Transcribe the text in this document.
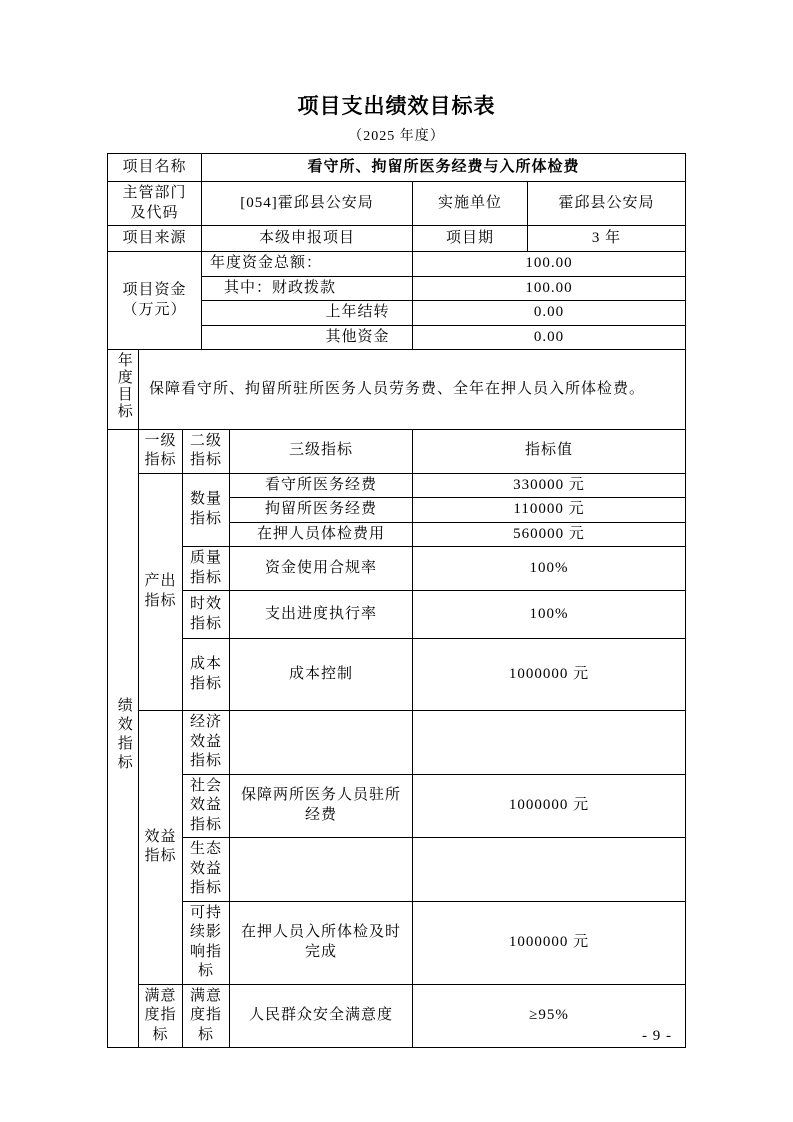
项目支出绩效目标表
（2025 年度）
项目名称			看守所、拘留所医务经费与入所体检费			
主管部门及代码			[054]霍邱县公安局		实施单位	霍邱县公安局
项目来源			本级申报项目		项目期	3 年
项目资金（万元）			年度资金总额：		100.00	
			其中：财政拨款		100.00	
			上年结转		0.00	
			其他资金		0.00	
年度目标	保障看守所、拘留所驻所医务人员劳务费、全年在押人员入所体检费。					
绩效指标	一级指标	二级指标		三级指标	指标值	
	产出指标	数量指标		看守所医务经费	330000 元	
				拘留所医务经费	110000 元	
				在押人员体检费用	560000 元	
		质量指标		资金使用合规率	100%	
		时效指标		支出进度执行率	100%	
		成本指标		成本控制	1000000 元	
	效益指标	经济效益指标				
		社会效益指标		保障两所医务人员驻所经费	1000000 元	
		生态效益指标				
		可持续影响指标		在押人员入所体检及时完成	1000000 元	
	满意度指标	满意度指标		人民群众安全满意度	≥95%	
- 9 -
